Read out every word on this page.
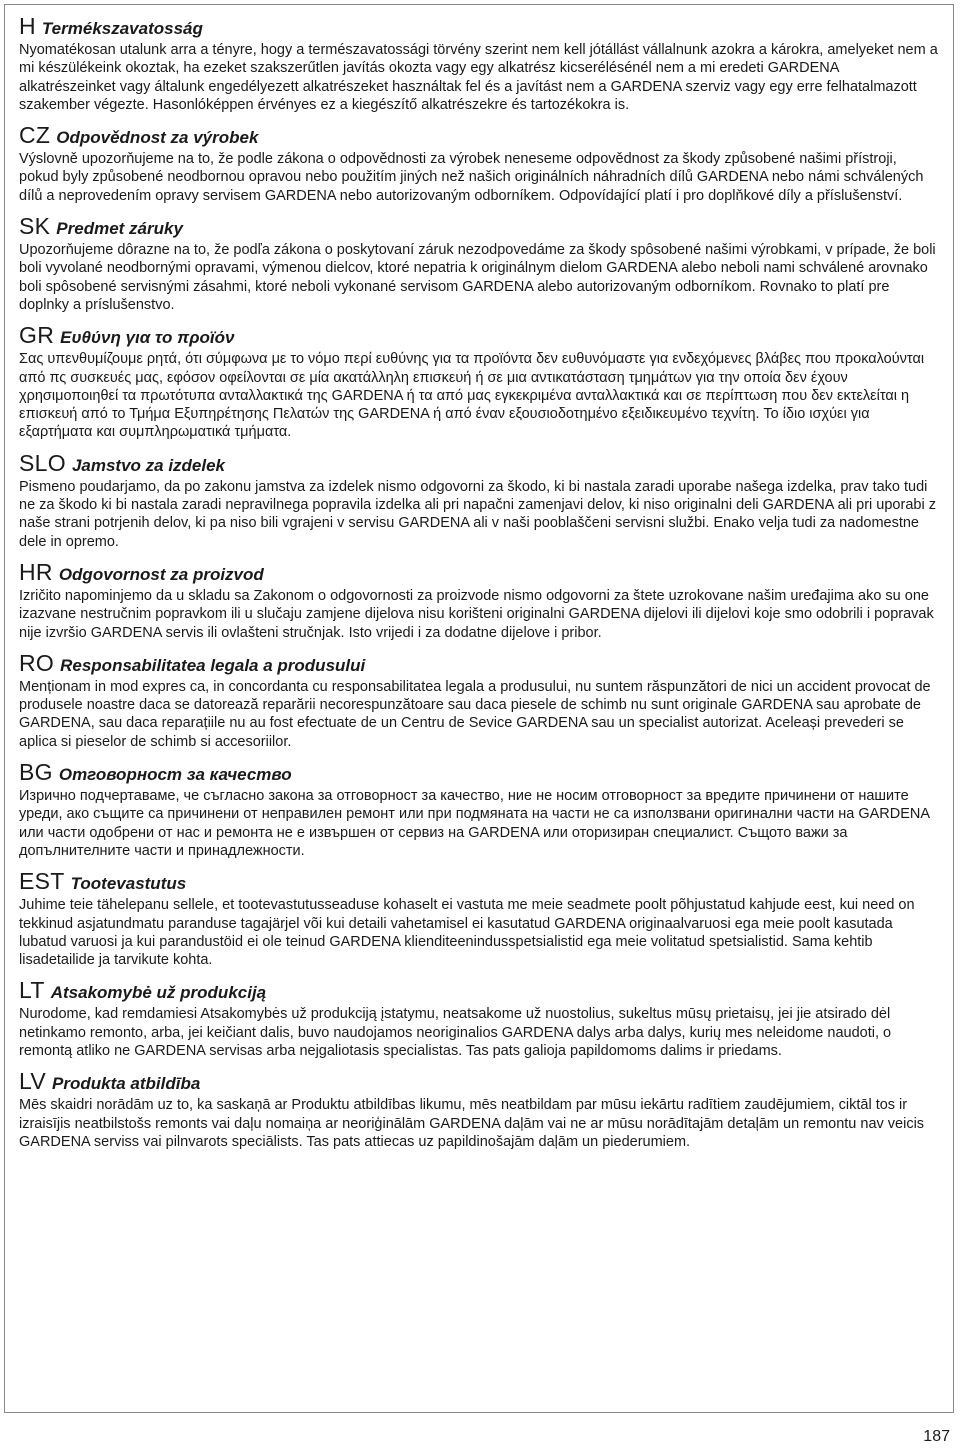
H Termékszavatosság

Nyomatékosan utalunk arra a tényre, hogy a természavatossági törvény szerint nem kell jótállást vállalnunk azokra a károkra, amelyeket nem a mi készülékeink okoztak, ha ezeket szakszerűtlen javítás okozta vagy egy alkatrész kicserélésénél nem a mi eredeti GARDENA alkatrészeinket vagy általunk engedélyezett alkatrészeket használtak fel és a javítást nem a GARDENA szerviz vagy egy erre felhatalmazott szakember végezte. Hasonlóképpen érvényes ez a kiegészítő alkatrészekre és tartozékokra is.

CZ Odpovědnost za výrobek

Výslovně upozorňujeme na to, že podle zákona o odpovědnosti za výrobek neneseme odpovědnost za škody způsobené našimi přístroji, pokud byly způsobené neodbornou opravou nebo použitím jiných než našich originálních náhradních dílů GARDENA nebo námi schválených dílů a neprovedením opravy servisem GARDENA nebo autorizovaným odborníkem. Odpovídající platí i pro doplňkové díly a příslušenství.

SK Predmet záruky

Upozorňujeme dôrazne na to, že podľa zákona o poskytovaní záruk nezodpovedáme za škody spôsobené našimi výrobkami, v prípade, že boli boli vyvolané neodbornými opravami, výmenou dielcov, ktoré nepatria k originálnym dielom GARDENA alebo neboli nami schválené arovnako boli spôsobené servisnými zásahmi, ktoré neboli vykonané servisom GARDENA alebo autorizovaným odborníkom. Rovnako to platí pre doplnky a príslušenstvo.

GR Ευθύνη για το προϊόν

Σας υπενθυμίζουμε ρητά, ότι σύμφωνα με το νόμο περί ευθύνης για τα προϊόντα δεν ευθυνόμαστε για ενδεχόμενες βλάβες που προκαλούνται από πς συσκευές μας, εφόσον οφείλονται σε μία ακατάλληλη επισκευή ή σε μια αντικατάσταση τμημάτων για την οποία δεν έχουν χρησιμοποιηθεί τα πρωτότυπα ανταλλακτικά της GARDENA ή τα από μας εγκεκριμένα ανταλλακτικά και σε περίπτωση που δεν εκτελείται η επισκευή από το Τμήμα Εξυπηρέτησης Πελατών της GARDENA ή από έναν εξουσιοδοτημένο εξειδικευμένο τεχνίτη. Το ίδιο ισχύει για εξαρτήματα και συμπληρωματικά τμήματα.

SLO Jamstvo za izdelek

Pismeno poudarjamo, da po zakonu jamstva za izdelek nismo odgovorni za škodo, ki bi nastala zaradi uporabe našega izdelka, prav tako tudi ne za škodo ki bi nastala zaradi nepravilnega popravila izdelka ali pri napačni zamenjavi delov, ki niso originalni deli GARDENA ali pri uporabi z naše strani potrjenih delov, ki pa niso bili vgrajeni v servisu GARDENA ali v naši pooblaščeni servisni službi. Enako velja tudi za nadomestne dele in opremo.

HR Odgovornost za proizvod

Izričito napominjemo da u skladu sa Zakonom o odgovornosti za proizvode nismo odgovorni za štete uzrokovane našim uređajima ako su one izazvane nestručnim popravkom ili u slučaju zamjene dijelova nisu korišteni originalni GARDENA dijelovi ili dijelovi koje smo odobrili i popravak nije izvršio GARDENA servis ili ovlašteni stručnjak. Isto vrijedi i za dodatne dijelove i pribor.

RO Responsabilitatea legala a produsului

Menționam in mod expres ca, in concordanta cu responsabilitatea legala a produsului, nu suntem răspunzători de nici un accident provocat de produsele noastre daca se datorează reparării necorespunzătoare sau daca piesele de schimb nu sunt originale GARDENA sau aprobate de GARDENA, sau daca reparațiile nu au fost efectuate de un Centru de Sevice GARDENA sau un specialist autorizat. Aceleași prevederi se aplica si pieselor de schimb si accesoriilor.

BG Отговорност за качество

Изрично подчертаваме, че съгласно закона за отговорност за качество, ние не носим отговорност за вредите причинени от нашите уреди, ако същите са причинени от неправилен ремонт или при подмяната на части не са използвани оригинални части на GARDENA или части одобрени от нас и ремонта не е извършен от сервиз на GARDENA или оторизиран специалист. Същото важи за допълнителните части и принадлежности.

EST Tootevastutus

Juhime teie tähelepanu sellele, et tootevastutusseaduse kohaselt ei vastuta me meie seadmete poolt põhjustatud kahjude eest, kui need on tekkinud asjatundmatu paranduse tagajärjel või kui detaili vahetamisel ei kasutatud GARDENA originaalvaruosi ega meie poolt kasutada lubatud varuosi ja kui parandustöid ei ole teinud GARDENA klienditeenindusspetsialistid ega meie volitatud spetsialistid. Sama kehtib lisadetailide ja tarvikute kohta.

LT Atsakomybė už produkciją

Nurodome, kad remdamiesi Atsakomybės už produkciją įstatymu, neatsakome už nuostolius, sukeltus mūsų prietaisų, jei jie atsirado dėl netinkamo remonto, arba, jei keičiant dalis, buvo naudojamos neoriginalios GARDENA dalys arba dalys, kurių mes neleidome naudoti, o remontą atliko ne GARDENA servisas arba nejgaliotasis specialistas. Tas pats galioja papildomoms dalims ir priedams.

LV Produkta atbildība

Mēs skaidri norādām uz to, ka saskaņā ar Produktu atbildības likumu, mēs neatbildam par mūsu iekārtu radītiem zaudējumiem, ciktāl tos ir izraisījis neatbilstošs remonts vai daļu nomaiņa ar neoriģinālām GARDENA daļām vai ne ar mūsu norādītajām detaļām un remontu nav veicis GARDENA serviss vai pilnvarots speciālists. Tas pats attiecas uz papildinošajām daļām un piederumiem.

187
